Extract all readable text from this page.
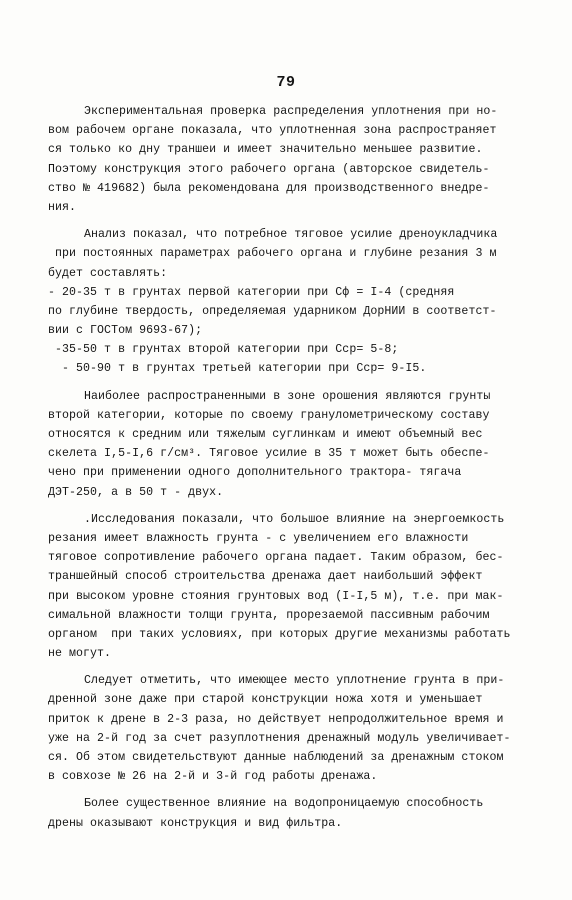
79
Экспериментальная проверка распределения уплотнения при но-
вом рабочем органе показала, что уплотненная зона распространяет
ся только ко дну траншеи и имеет значительно меньшее развитие.
Поэтому конструкция этого рабочего органа (авторское свидетель-
ство № 419682) была рекомендована для производственного внедре-
ния.
Анализ показал, что потребное тяговое усилие дреноукладчика
при постоянных параметрах рабочего органа и глубине резания 3 м
будет составлять:
- 20-35 т в грунтах первой категории при Сф = I-4 (средняя
по глубине твердость, определяемая ударником ДорНИИ в соответст-
вии с ГОСТом 9693-67);
-35-50 т в грунтах второй категории при Сср= 5-8;
- 50-90 т в грунтах третьей категории при Сср= 9-I5.
Наиболее распространенными в зоне орошения являются грунты
второй категории, которые по своему гранулометрическому составу
относятся к средним или тяжелым суглинкам и имеют объемный вес
скелета I,5-I,6 г/см³. Тяговое усилие в 35 т может быть обеспе-
чено при применении одного дополнительного трактора- тягача
ДЭТ-250, а в 50 т - двух.
.Исследования показали, что большое влияние на энергоемкость
резания имеет влажность грунта - с увеличением его влажности
тяговое сопротивление рабочего органа падает. Таким образом, бес-
траншейный способ строительства дренажа дает наибольший эффект
при высоком уровне стояния грунтовых вод (I-I,5 м), т.е. при мак-
симальной влажности толщи грунта, прорезаемой пассивным рабочим
органом  при таких условиях, при которых другие механизмы работать
не могут.
Следует отметить, что имеющее место уплотнение грунта в при-
дренной зоне даже при старой конструкции ножа хотя и уменьшает
приток к дрене в 2-3 раза, но действует непродолжительное время и
уже на 2-й год за счет разуплотнения дренажный модуль увеличивает-
ся. Об этом свидетельствуют данные наблюдений за дренажным стоком
в совхозе № 26 на 2-й и 3-й год работы дренажа.
Более существенное влияние на водопроницаемую способность
дрены оказывают конструкция и вид фильтра.
